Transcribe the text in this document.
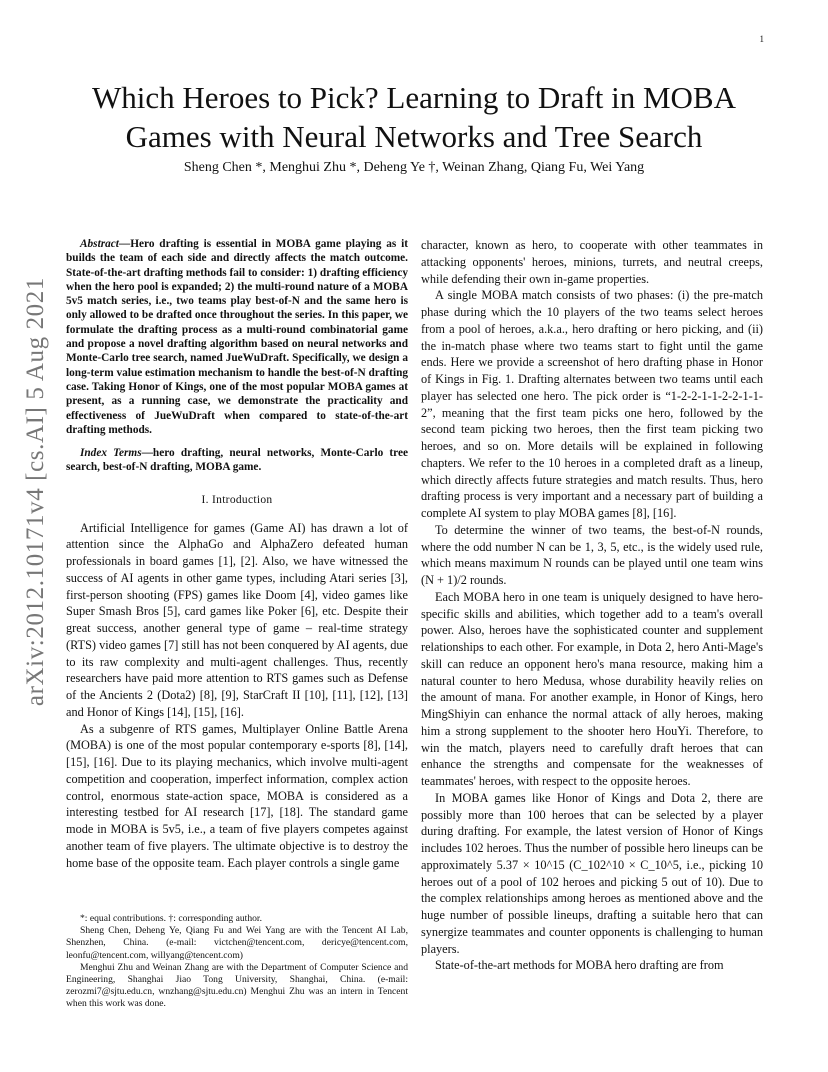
1
arXiv:2012.10171v4 [cs.AI] 5 Aug 2021
Which Heroes to Pick? Learning to Draft in MOBA Games with Neural Networks and Tree Search
Sheng Chen *, Menghui Zhu *, Deheng Ye †, Weinan Zhang, Qiang Fu, Wei Yang

Abstract—Hero drafting is essential in MOBA game playing as it builds the team of each side and directly affects the match outcome. State-of-the-art drafting methods fail to consider: 1) drafting efficiency when the hero pool is expanded; 2) the multi-round nature of a MOBA 5v5 match series, i.e., two teams play best-of-N and the same hero is only allowed to be drafted once throughout the series. In this paper, we formulate the drafting process as a multi-round combinatorial game and propose a novel drafting algorithm based on neural networks and Monte-Carlo tree search, named JueWuDraft. Specifically, we design a long-term value estimation mechanism to handle the best-of-N drafting case. Taking Honor of Kings, one of the most popular MOBA games at present, as a running case, we demonstrate the practicality and effectiveness of JueWuDraft when compared to state-of-the-art drafting methods.

Index Terms—hero drafting, neural networks, Monte-Carlo tree search, best-of-N drafting, MOBA game.

I. Introduction

Artificial Intelligence for games (Game AI) has drawn a lot of attention since the AlphaGo and AlphaZero defeated human professionals in board games [1], [2]. Also, we have witnessed the success of AI agents in other game types, including Atari series [3], first-person shooting (FPS) games like Doom [4], video games like Super Smash Bros [5], card games like Poker [6], etc. Despite their great success, another general type of game – real-time strategy (RTS) video games [7] still has not been conquered by AI agents, due to its raw complexity and multi-agent challenges. Thus, recently researchers have paid more attention to RTS games such as Defense of the Ancients 2 (Dota2) [8], [9], StarCraft II [10], [11], [12], [13] and Honor of Kings [14], [15], [16].

As a subgenre of RTS games, Multiplayer Online Battle Arena (MOBA) is one of the most popular contemporary e-sports [8], [14], [15], [16]. Due to its playing mechanics, which involve multi-agent competition and cooperation, imperfect information, complex action control, enormous state-action space, MOBA is considered as a interesting testbed for AI research [17], [18]. The standard game mode in MOBA is 5v5, i.e., a team of five players competes against another team of five players. The ultimate objective is to destroy the home base of the opposite team. Each player controls a single game

*: equal contributions. †: corresponding author.

Sheng Chen, Deheng Ye, Qiang Fu and Wei Yang are with the Tencent AI Lab, Shenzhen, China. (e-mail: victchen@tencent.com, dericye@tencent.com, leonfu@tencent.com, willyang@tencent.com)

Menghui Zhu and Weinan Zhang are with the Department of Computer Science and Engineering, Shanghai Jiao Tong University, Shanghai, China. (e-mail: zerozmi7@sjtu.edu.cn, wnzhang@sjtu.edu.cn) Menghui Zhu was an intern in Tencent when this work was done.

character, known as hero, to cooperate with other teammates in attacking opponents' heroes, minions, turrets, and neutral creeps, while defending their own in-game properties.

A single MOBA match consists of two phases: (i) the pre-match phase during which the 10 players of the two teams select heroes from a pool of heroes, a.k.a., hero drafting or hero picking, and (ii) the in-match phase where two teams start to fight until the game ends. Here we provide a screenshot of hero drafting phase in Honor of Kings in Fig. 1. Drafting alternates between two teams until each player has selected one hero. The pick order is “1-2-2-1-1-2-2-1-1-2”, meaning that the first team picks one hero, followed by the second team picking two heroes, then the first team picking two heroes, and so on. More details will be explained in following chapters. We refer to the 10 heroes in a completed draft as a lineup, which directly affects future strategies and match results. Thus, hero drafting process is very important and a necessary part of building a complete AI system to play MOBA games [8], [16].

To determine the winner of two teams, the best-of-N rounds, where the odd number N can be 1, 3, 5, etc., is the widely used rule, which means maximum N rounds can be played until one team wins (N + 1)/2 rounds.

Each MOBA hero in one team is uniquely designed to have hero-specific skills and abilities, which together add to a team's overall power. Also, heroes have the sophisticated counter and supplement relationships to each other. For example, in Dota 2, hero Anti-Mage's skill can reduce an opponent hero's mana resource, making him a natural counter to hero Medusa, whose durability heavily relies on the amount of mana. For another example, in Honor of Kings, hero MingShiyin can enhance the normal attack of ally heroes, making him a strong supplement to the shooter hero HouYi. Therefore, to win the match, players need to carefully draft heroes that can enhance the strengths and compensate for the weaknesses of teammates' heroes, with respect to the opposite heroes.

In MOBA games like Honor of Kings and Dota 2, there are possibly more than 100 heroes that can be selected by a player during drafting. For example, the latest version of Honor of Kings includes 102 heroes. Thus the number of possible hero lineups can be approximately 5.37 × 10^15 (C_102^10 × C_10^5, i.e., picking 10 heroes out of a pool of 102 heroes and picking 5 out of 10). Due to the complex relationships among heroes as mentioned above and the huge number of possible lineups, drafting a suitable hero that can synergize teammates and counter opponents is challenging to human players.

State-of-the-art methods for MOBA hero drafting are from
